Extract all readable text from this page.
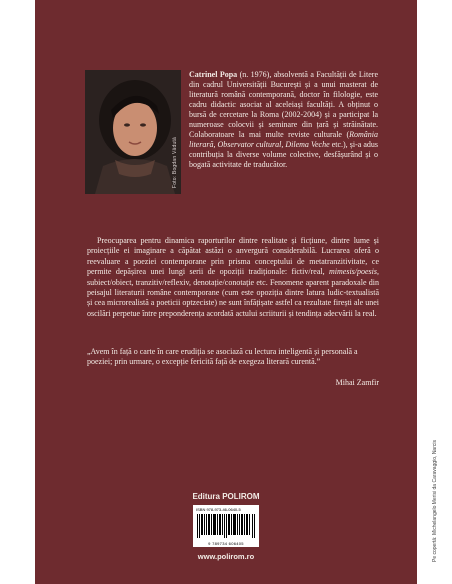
Foto: Bogdan Vădută
Catrinel Popa (n. 1976), absolventă a Facultății de Litere din cadrul Universității București și a unui masterat de literatură română contemporană, doctor în filologie, este cadru didactic asociat al aceleiași facultăți. A obținut o bursă de cercetare la Roma (2002-2004) și a participat la numeroase colocvii și seminare din țară și străinătate. Colaboratoare la mai multe reviste culturale (România literară, Observator cultural, Dilema Veche etc.), și-a adus contribuția la diverse volume colective, desfășurând și o bogată activitate de traducător.
Preocuparea pentru dinamica raporturilor dintre realitate și ficțiune, dintre lume și proiecțiile ei imaginare a căpătat astăzi o anvergură considerabilă. Lucrarea oferă o reevaluare a poeziei contemporane prin prisma conceptului de metatranzitivitate, ce permite depășirea unei lungi serii de opoziții tradiționale: fictiv/real, mimesis/poesis, subiect/obiect, tranzitiv/reflexiv, denotație/conotație etc. Fenomene aparent paradoxale din peisajul literaturii române contemporane (cum este opoziția dintre latura ludic-textualistă și cea microrealistă a poeticii optzeciste) ne sunt înfățișate astfel ca rezultate firești ale unei oscilări perpetue între preponderența acordată actului scriiturii și tendința adecvării la real.
„Avem în față o carte în care erudiția se asociază cu lectura inteligentă și personală a poeziei; prin urmare, o excepție fericită față de exegeza literară curentă.”
Mihai Zamfir
Editura POLIROM
ISBN 978-973-46-0640-5
9 789734 606405
www.polirom.ro	Pe copertă: Michelangelo Merisi da Caravaggio, Narcis
